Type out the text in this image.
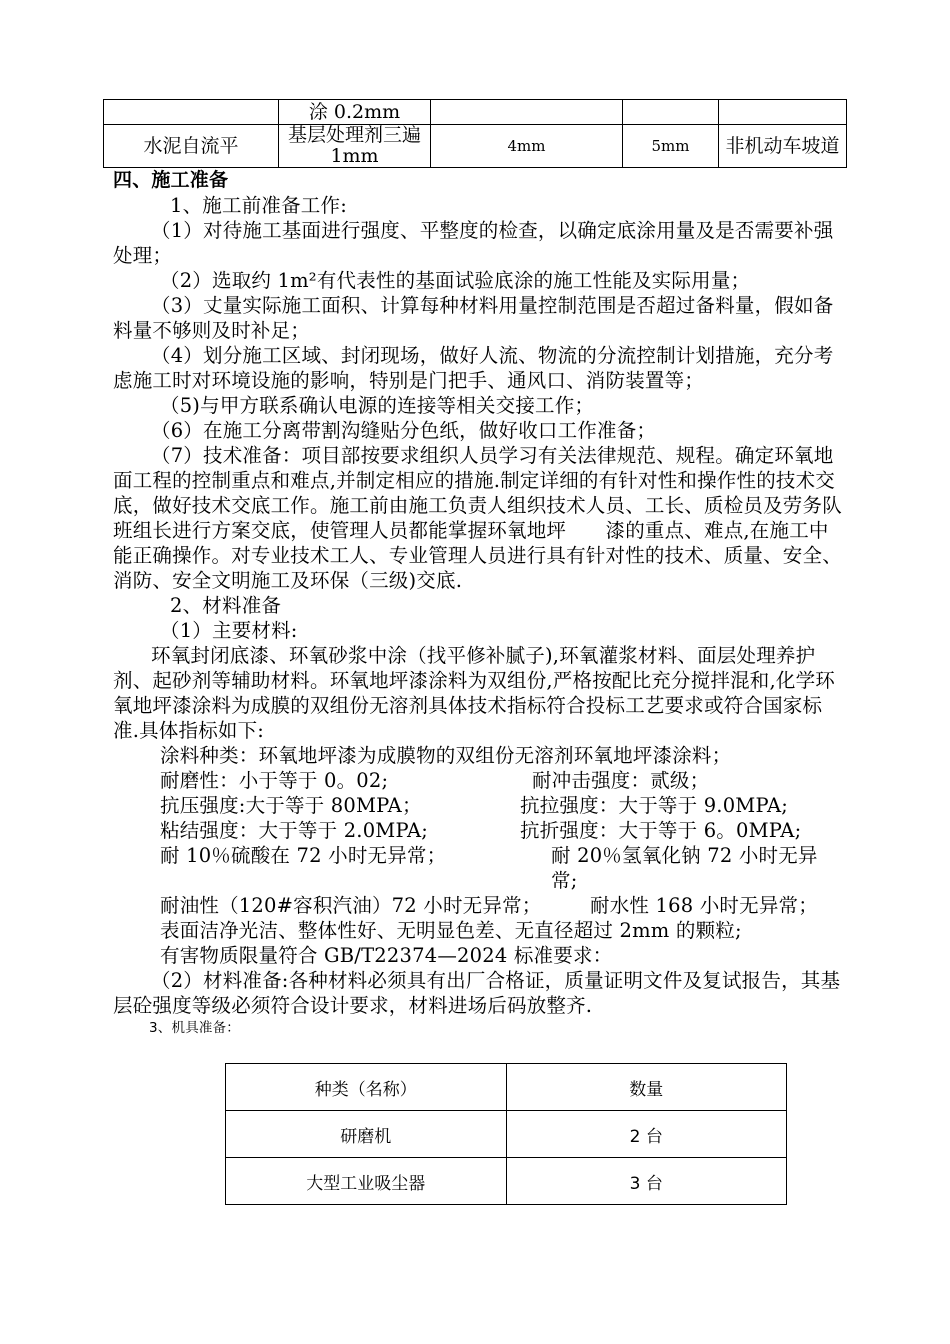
	涂 0.2mm			
水泥自流平	基层处理剂三遍 1mm	4mm	5mm	非机动车坡道

四、施工准备

1、施工前准备工作:

（1）对待施工基面进行强度、平整度的检查，以确定底涂用量及是否需要补强处理；

（2）选取约 1m²有代表性的基面试验底涂的施工性能及实际用量；

（3）丈量实际施工面积、计算每种材料用量控制范围是否超过备料量，假如备料量不够则及时补足；

（4）划分施工区域、封闭现场，做好人流、物流的分流控制计划措施，充分考虑施工时对环境设施的影响，特别是门把手、通风口、消防装置等；

（5)与甲方联系确认电源的连接等相关交接工作；

（6）在施工分离带割沟缝贴分色纸，做好收口工作准备；

（7）技术准备：项目部按要求组织人员学习有关法律规范、规程。确定环氧地面工程的控制重点和难点,并制定相应的措施.制定详细的有针对性和操作性的技术交底，做好技术交底工作。施工前由施工负责人组织技术人员、工长、质检员及劳务队班组长进行方案交底，使管理人员都能掌握环氧地坪　　漆的重点、难点,在施工中能正确操作。对专业技术工人、专业管理人员进行具有针对性的技术、质量、安全、消防、安全文明施工及环保（三级)交底.

2、材料准备

（1）主要材料:

环氧封闭底漆、环氧砂浆中涂（找平修补腻子),环氧灌浆材料、面层处理养护剂、起砂剂等辅助材料。环氧地坪漆涂料为双组份,严格按配比充分搅拌混和,化学环氧地坪漆涂料为成膜的双组份无溶剂具体技术指标符合投标工艺要求或符合国家标准.具体指标如下:

涂料种类：环氧地坪漆为成膜物的双组份无溶剂环氧地坪漆涂料；

耐磨性：小于等于 0。02;	耐冲击强度：贰级；

抗压强度:大于等于 80MPA；	抗拉强度：大于等于 9.0MPA;

粘结强度：大于等于 2.0MPA;	抗折强度：大于等于 6。0MPA;

耐 10％硫酸在 72 小时无异常；	耐 20％氢氧化钠 72 小时无异常;

耐油性（120#容积汽油）72 小时无异常；	耐水性 168 小时无异常；

表面洁净光洁、整体性好、无明显色差、无直径超过 2mm 的颗粒;

有害物质限量符合 GB/T22374—2024 标准要求：

（2）材料准备:各种材料必须具有出厂合格证，质量证明文件及复试报告，其基层砼强度等级必须符合设计要求，材料进场后码放整齐.

3、机具准备：

种类（名称）	数量
研磨机	2 台
大型工业吸尘器	3 台
